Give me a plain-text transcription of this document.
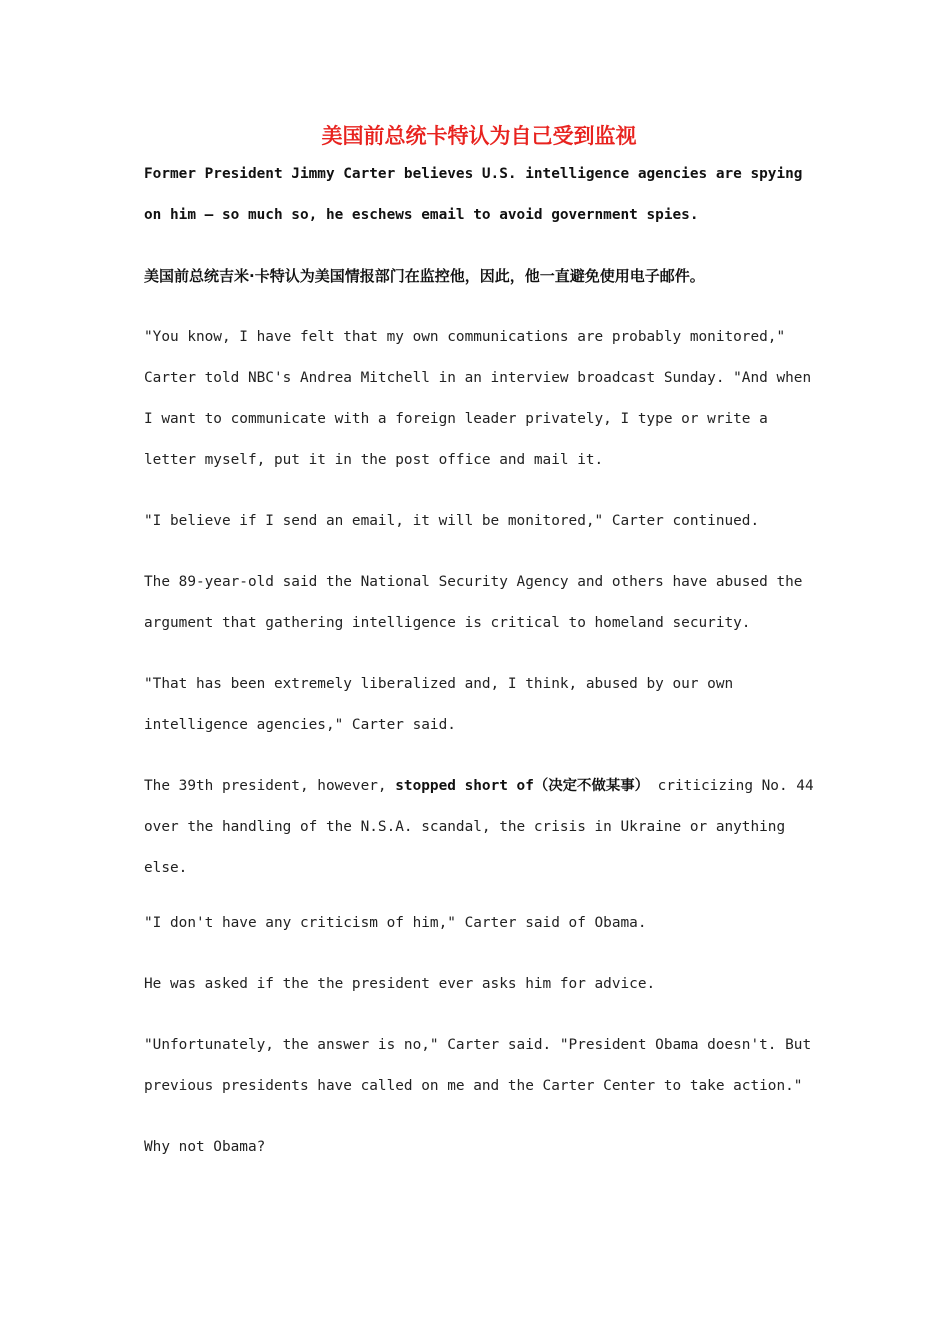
美国前总统卡特认为自己受到监视
Former President Jimmy Carter believes U.S. intelligence agencies are spying on him — so much so, he eschews email to avoid government spies.
美国前总统吉米·卡特认为美国情报部门在监控他，因此，他一直避免使用电子邮件。
"You know, I have felt that my own communications are probably monitored," Carter told NBC's Andrea Mitchell in an interview broadcast Sunday. "And when I want to communicate with a foreign leader privately, I type or write a letter myself, put it in the post office and mail it.
"I believe if I send an email, it will be monitored," Carter continued.
The 89-year-old said the National Security Agency and others have abused the argument that gathering intelligence is critical to homeland security.
"That has been extremely liberalized and, I think, abused by our own intelligence agencies," Carter said.
The 39th president, however, stopped short of（决定不做某事） criticizing No. 44 over the handling of the N.S.A. scandal, the crisis in Ukraine or anything else.
"I don't have any criticism of him," Carter said of Obama.
He was asked if the the president ever asks him for advice.
"Unfortunately, the answer is no," Carter said. "President Obama doesn't. But previous presidents have called on me and the Carter Center to take action."
Why not Obama?
